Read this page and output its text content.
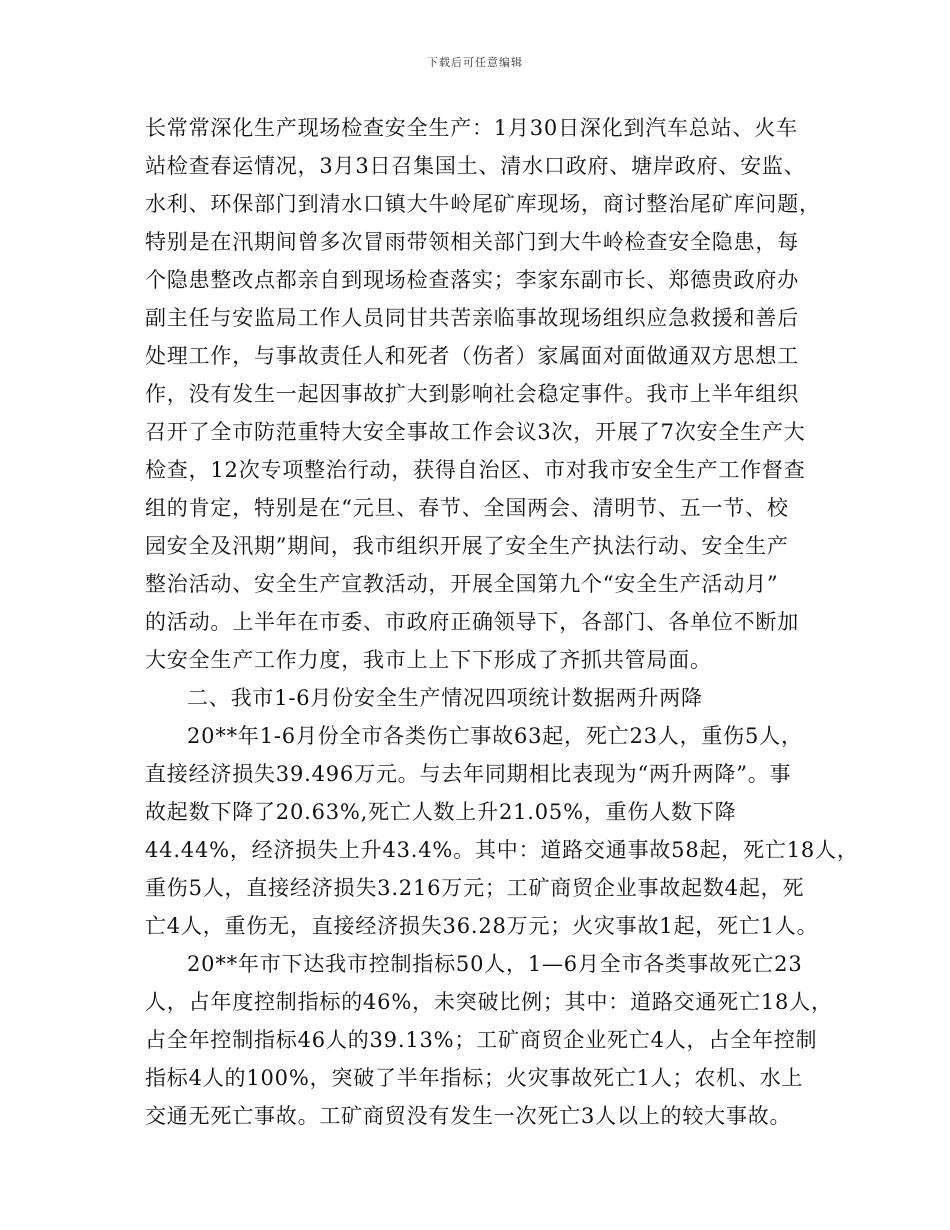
下载后可任意编辑
长常常深化生产现场检查安全生产：1月30日深化到汽车总站、火车
站检查春运情况，3月3日召集国土、清水口政府、塘岸政府、安监、
水利、环保部门到清水口镇大牛岭尾矿库现场，商讨整治尾矿库问题，
特别是在汛期间曾多次冒雨带领相关部门到大牛岭检查安全隐患，每
个隐患整改点都亲自到现场检查落实；李家东副市长、郑德贵政府办
副主任与安监局工作人员同甘共苦亲临事故现场组织应急救援和善后
处理工作，与事故责任人和死者（伤者）家属面对面做通双方思想工
作，没有发生一起因事故扩大到影响社会稳定事件。我市上半年组织
召开了全市防范重特大安全事故工作会议3次，开展了7次安全生产大
检查，12次专项整治行动，获得自治区、市对我市安全生产工作督查
组的肯定，特别是在“元旦、春节、全国两会、清明节、五一节、校
园安全及汛期”期间，我市组织开展了安全生产执法行动、安全生产
整治活动、安全生产宣教活动，开展全国第九个“安全生产活动月”
的活动。上半年在市委、市政府正确领导下，各部门、各单位不断加
大安全生产工作力度，我市上上下下形成了齐抓共管局面。
二、我市1-6月份安全生产情况四项统计数据两升两降
20**年1-6月份全市各类伤亡事故63起，死亡23人，重伤5人，
直接经济损失39.496万元。与去年同期相比表现为“两升两降”。事
故起数下降了20.63%,死亡人数上升21.05%，重伤人数下降
44.44%，经济损失上升43.4%。其中：道路交通事故58起，死亡18人，
重伤5人，直接经济损失3.216万元；工矿商贸企业事故起数4起，死
亡4人，重伤无，直接经济损失36.28万元；火灾事故1起，死亡1人。
20**年市下达我市控制指标50人，1—6月全市各类事故死亡23
人，占年度控制指标的46%，未突破比例；其中：道路交通死亡18人，
占全年控制指标46人的39.13%；工矿商贸企业死亡4人，占全年控制
指标4人的100%，突破了半年指标；火灾事故死亡1人；农机、水上
交通无死亡事故。工矿商贸没有发生一次死亡3人以上的较大事故。
